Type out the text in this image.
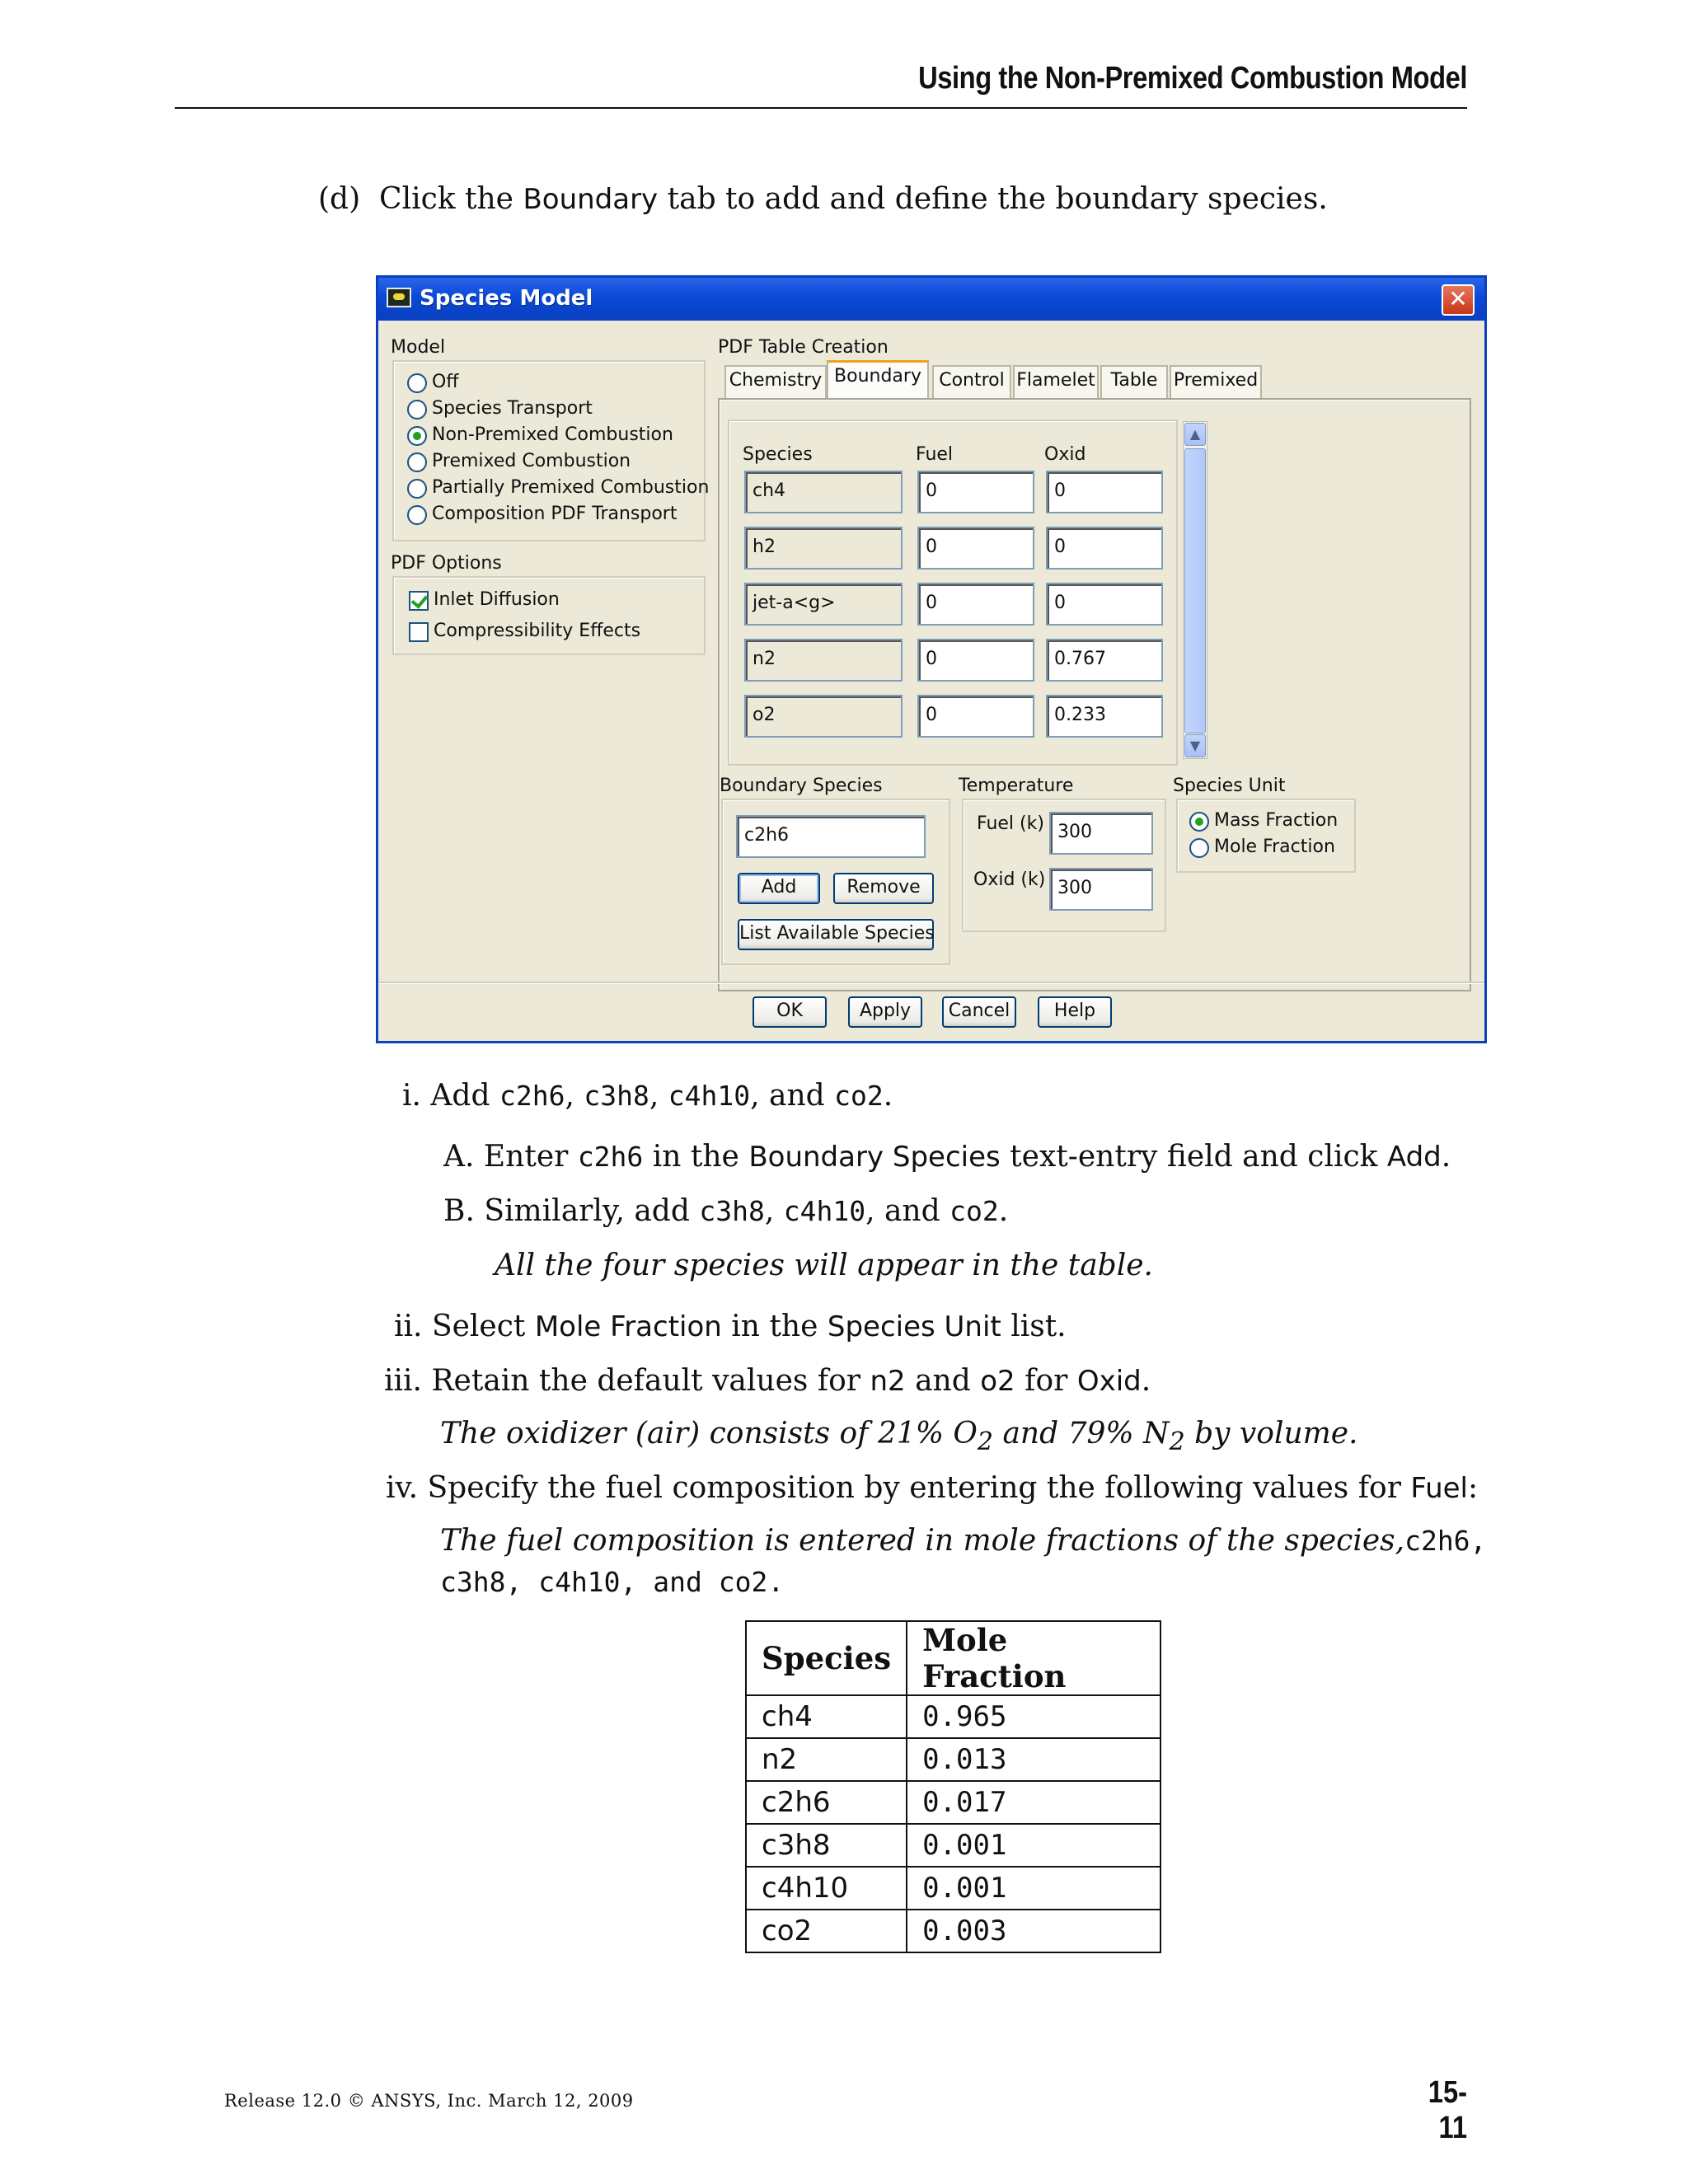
Using the Non-Premixed Combustion Model
(d) Click the Boundary tab to add and define the boundary species.
Species Model	✕
Model
Off
Species Transport
Non-Premixed Combustion
Premixed Combustion
Partially Premixed Combustion
Composition PDF Transport
PDF Options
Inlet Diffusion
Compressibility Effects
PDF Table Creation
Chemistry Boundary Control Flamelet Table Premixed
Species	Fuel	Oxid
ch4	0	0
h2	0	0
jet-a<g>	0	0
n2	0	0.767
o2	0	0.233
▲
▼
Boundary Species
c2h6
Add	Remove
List Available Species
Temperature
Fuel (k) 300
Oxid (k) 300
Species Unit
Mass Fraction
Mole Fraction
OK	Apply	Cancel	Help
i. Add c2h6, c3h8, c4h10, and co2.
A. Enter c2h6 in the Boundary Species text-entry field and click Add.
B. Similarly, add c3h8, c4h10, and co2.
All the four species will appear in the table.
ii. Select Mole Fraction in the Species Unit list.
iii. Retain the default values for n2 and o2 for Oxid.
The oxidizer (air) consists of 21% $O_2$ and 79% $N_2$ by volume.
iv. Specify the fuel composition by entering the following values for Fuel:
The fuel composition is entered in mole fractions of the species, c2h6,
c3h8, c4h10, and co2.
Species	Mole Fraction
ch4	0.965
n2	0.013
c2h6	0.017
c3h8	0.001
c4h10	0.001
co2	0.003
Release 12.0 © ANSYS, Inc. March 12, 2009	15-11
